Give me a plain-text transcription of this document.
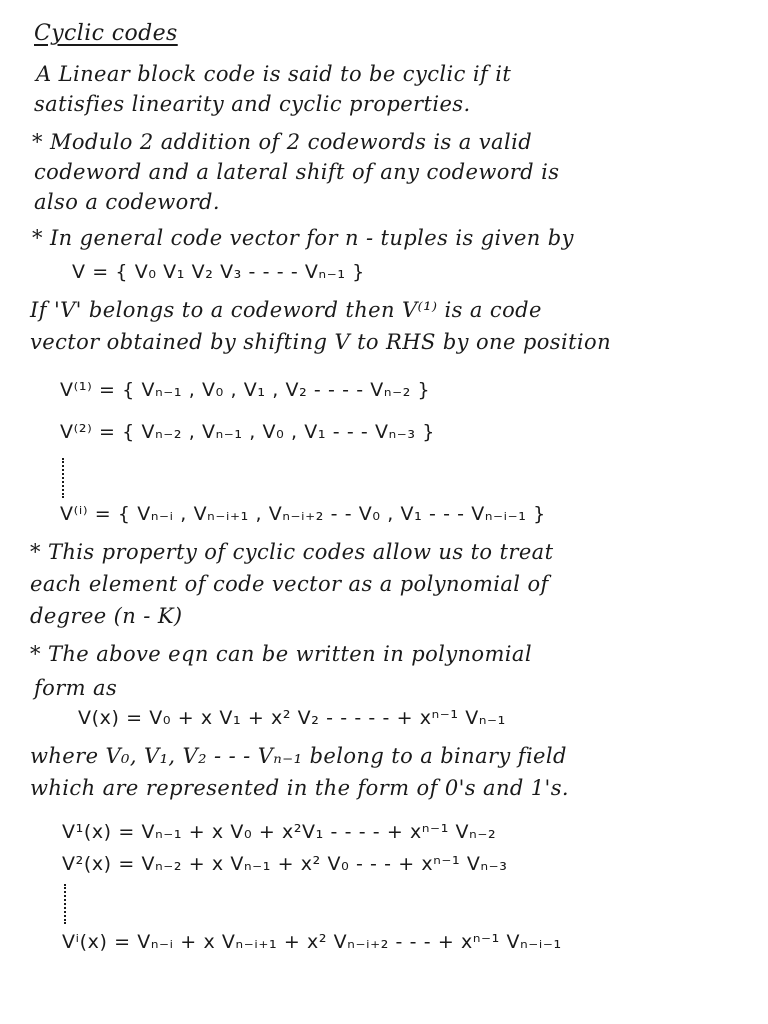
Cyclic codes
A Linear block code is said to be cyclic if it
satisfies linearity and cyclic properties.
* Modulo 2 addition of 2 codewords is a valid
codeword and a lateral shift of any codeword is
also a codeword.
* In general code vector for n - tuples is given by
V = { V₀ V₁ V₂ V₃ - - - - Vₙ₋₁ }
If 'V' belongs to a codeword then V⁽¹⁾ is a code
vector obtained by shifting V to RHS by one position
V⁽¹⁾ = { Vₙ₋₁ , V₀ , V₁ , V₂ - - - - Vₙ₋₂ }
V⁽²⁾ = { Vₙ₋₂ , Vₙ₋₁ , V₀ , V₁ - - - Vₙ₋₃ }
V⁽ⁱ⁾ = { Vₙ₋ᵢ , Vₙ₋ᵢ₊₁ , Vₙ₋ᵢ₊₂ - - V₀ , V₁ - - - Vₙ₋ᵢ₋₁ }
* This property of cyclic codes allow us to treat
each element of code vector as a polynomial of
degree (n - K)
* The above eqn can be written in polynomial
form as
V(x) = V₀ + x V₁ + x² V₂ - - - - - + xⁿ⁻¹ Vₙ₋₁
where V₀, V₁, V₂ - - - Vₙ₋₁ belong to a binary field
which are represented in the form of 0's and 1's.
V¹(x) = Vₙ₋₁ + x V₀ + x²V₁ - - - - + xⁿ⁻¹ Vₙ₋₂
V²(x) = Vₙ₋₂ + x Vₙ₋₁ + x² V₀ - - - + xⁿ⁻¹ Vₙ₋₃
Vⁱ(x) = Vₙ₋ᵢ + x Vₙ₋ᵢ₊₁ + x² Vₙ₋ᵢ₊₂ - - - + xⁿ⁻¹ Vₙ₋ᵢ₋₁
